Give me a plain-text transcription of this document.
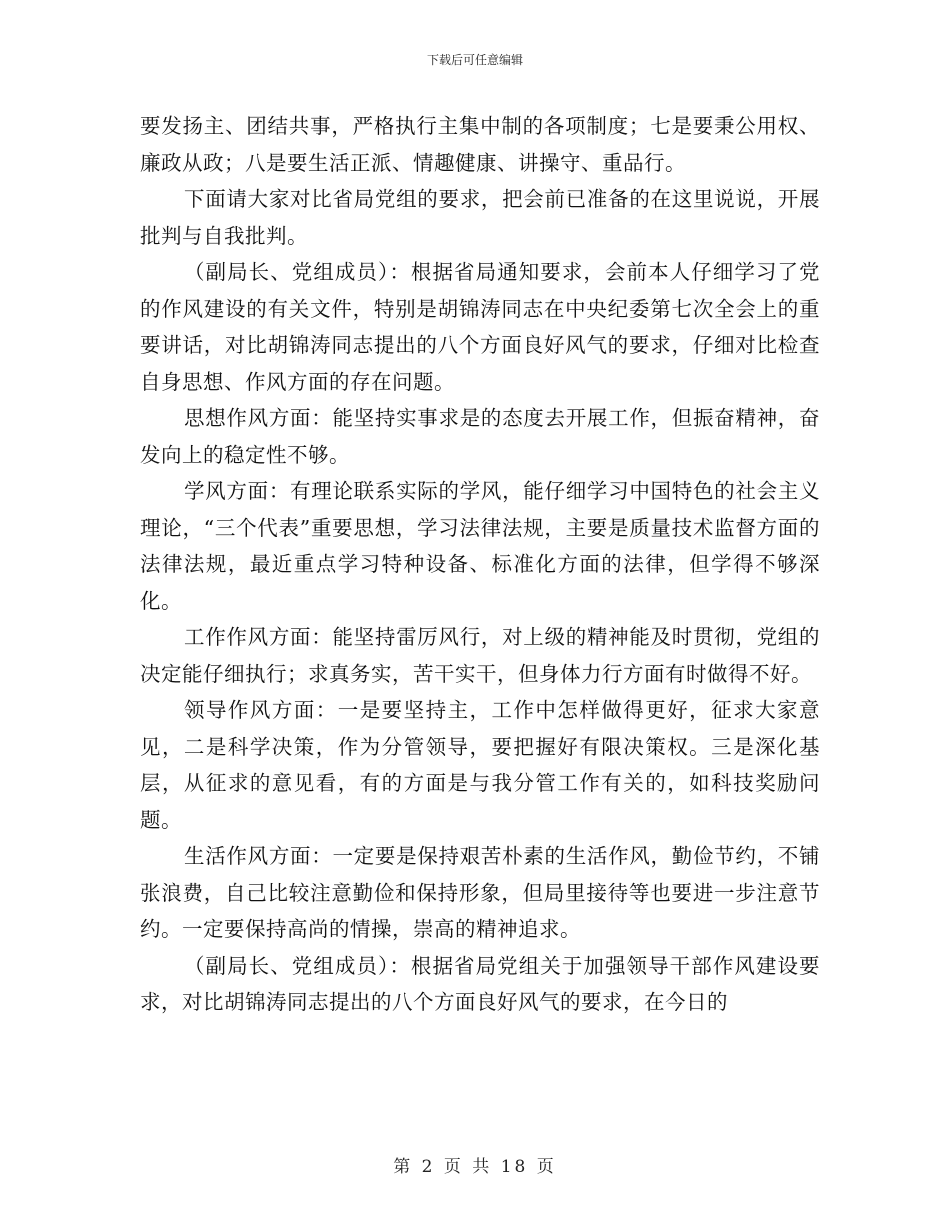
下载后可任意编辑

要发扬主、团结共事，严格执行主集中制的各项制度；七是要秉公用权、廉政从政；八是要生活正派、情趣健康、讲操守、重品行。

下面请大家对比省局党组的要求，把会前已准备的在这里说说，开展批判与自我批判。

（副局长、党组成员）：根据省局通知要求，会前本人仔细学习了党的作风建设的有关文件，特别是胡锦涛同志在中央纪委第七次全会上的重要讲话，对比胡锦涛同志提出的八个方面良好风气的要求，仔细对比检查自身思想、作风方面的存在问题。

思想作风方面：能坚持实事求是的态度去开展工作，但振奋精神，奋发向上的稳定性不够。

学风方面：有理论联系实际的学风，能仔细学习中国特色的社会主义理论，“三个代表”重要思想，学习法律法规，主要是质量技术监督方面的法律法规，最近重点学习特种设备、标准化方面的法律，但学得不够深化。

工作作风方面：能坚持雷厉风行，对上级的精神能及时贯彻，党组的决定能仔细执行；求真务实，苦干实干，但身体力行方面有时做得不好。

领导作风方面：一是要坚持主，工作中怎样做得更好，征求大家意见，二是科学决策，作为分管领导，要把握好有限决策权。三是深化基层，从征求的意见看，有的方面是与我分管工作有关的，如科技奖励问题。

生活作风方面：一定要是保持艰苦朴素的生活作风，勤俭节约，不铺张浪费，自己比较注意勤俭和保持形象，但局里接待等也要进一步注意节约。一定要保持高尚的情操，崇高的精神追求。

（副局长、党组成员）：根据省局党组关于加强领导干部作风建设要求，对比胡锦涛同志提出的八个方面良好风气的要求，在今日的

第 2 页 共 18 页
